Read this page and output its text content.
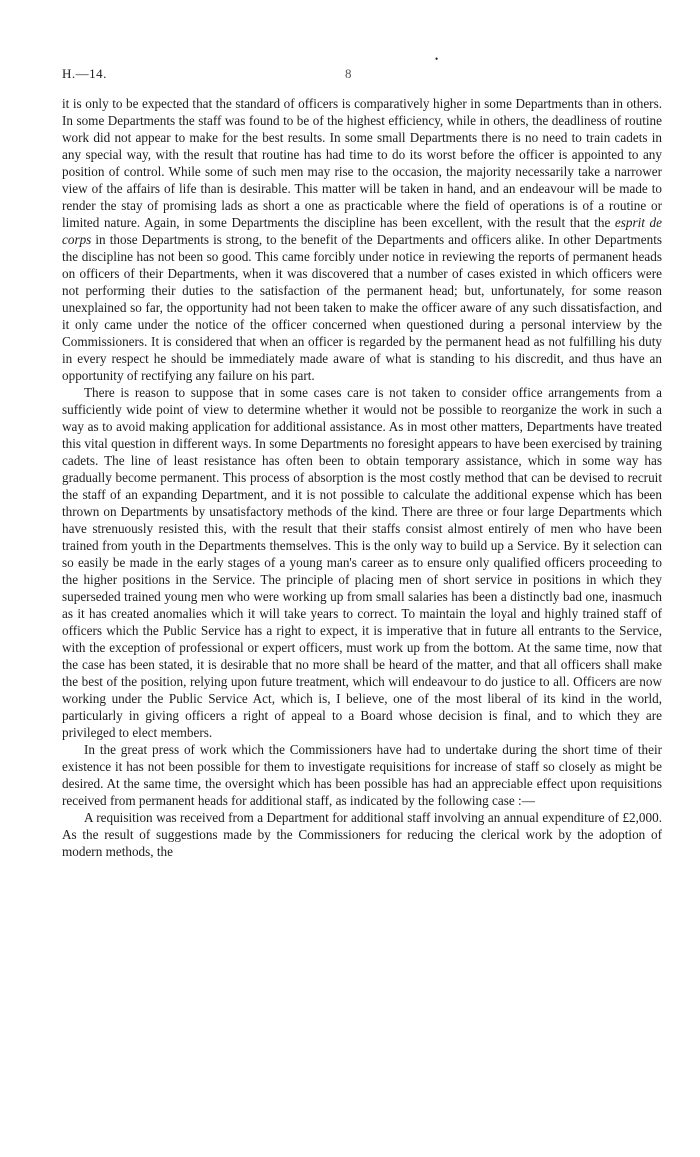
H.—14.	8
•

it is only to be expected that the standard of officers is comparatively higher in some Departments than in others. In some Departments the staff was found to be of the highest efficiency, while in others, the deadliness of routine work did not appear to make for the best results. In some small Departments there is no need to train cadets in any special way, with the result that routine has had time to do its worst before the officer is appointed to any position of control. While some of such men may rise to the occasion, the majority necessarily take a narrower view of the affairs of life than is desirable. This matter will be taken in hand, and an endeavour will be made to render the stay of promising lads as short a one as practicable where the field of operations is of a routine or limited nature. Again, in some Departments the discipline has been excellent, with the result that the esprit de corps in those Departments is strong, to the benefit of the Departments and officers alike. In other Departments the discipline has not been so good. This came forcibly under notice in reviewing the reports of permanent heads on officers of their Departments, when it was discovered that a number of cases existed in which officers were not performing their duties to the satisfaction of the permanent head; but, unfortunately, for some reason unexplained so far, the opportunity had not been taken to make the officer aware of any such dissatisfaction, and it only came under the notice of the officer concerned when questioned during a personal interview by the Commissioners. It is considered that when an officer is regarded by the permanent head as not fulfilling his duty in every respect he should be immediately made aware of what is standing to his discredit, and thus have an opportunity of rectifying any failure on his part.

There is reason to suppose that in some cases care is not taken to consider office arrangements from a sufficiently wide point of view to determine whether it would not be possible to reorganize the work in such a way as to avoid making application for additional assistance. As in most other matters, Departments have treated this vital question in different ways. In some Departments no foresight appears to have been exercised by training cadets. The line of least resistance has often been to obtain temporary assistance, which in some way has gradually become permanent. This process of absorption is the most costly method that can be devised to recruit the staff of an expanding Department, and it is not possible to calculate the additional expense which has been thrown on Departments by unsatisfactory methods of the kind. There are three or four large Departments which have strenuously resisted this, with the result that their staffs consist almost entirely of men who have been trained from youth in the Departments themselves. This is the only way to build up a Service. By it selection can so easily be made in the early stages of a young man's career as to ensure only qualified officers proceeding to the higher positions in the Service. The principle of placing men of short service in positions in which they superseded trained young men who were working up from small salaries has been a distinctly bad one, inasmuch as it has created anomalies which it will take years to correct. To maintain the loyal and highly trained staff of officers which the Public Service has a right to expect, it is imperative that in future all entrants to the Service, with the exception of professional or expert officers, must work up from the bottom. At the same time, now that the case has been stated, it is desirable that no more shall be heard of the matter, and that all officers shall make the best of the position, relying upon future treatment, which will endeavour to do justice to all. Officers are now working under the Public Service Act, which is, I believe, one of the most liberal of its kind in the world, particularly in giving officers a right of appeal to a Board whose decision is final, and to which they are privileged to elect members.

In the great press of work which the Commissioners have had to undertake during the short time of their existence it has not been possible for them to investigate requisitions for increase of staff so closely as might be desired. At the same time, the oversight which has been possible has had an appreciable effect upon requisitions received from permanent heads for additional staff, as indicated by the following case :—

A requisition was received from a Department for additional staff involving an annual expenditure of £2,000. As the result of suggestions made by the Commissioners for reducing the clerical work by the adoption of modern methods, the
